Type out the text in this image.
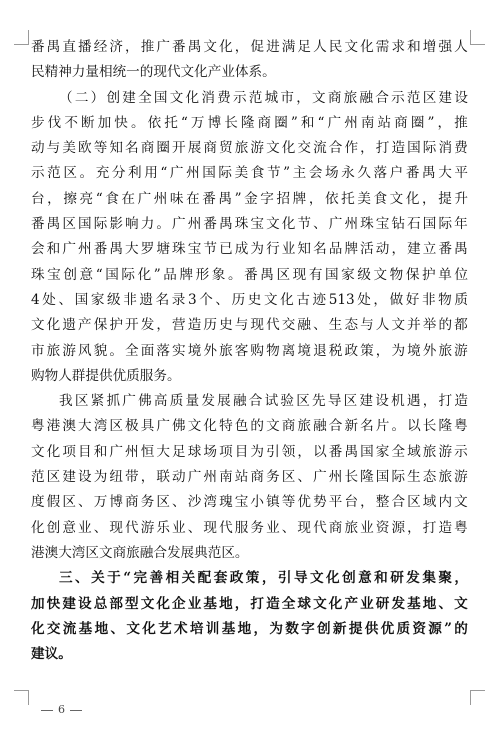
番 禺 直 播 经 济 ， 推 广 番 禺 文 化 ， 促 进 满 足 人 民 文 化 需 求 和 增 强 人
民 精 神 力 量 相 统 一 的 现 代 文 化 产 业 体 系 。
（ 二 ） 创 建 全 国 文 化 消 费 示 范 城 市 ， 文 商 旅 融 合 示 范 区 建 设
步 伐 不 断 加 快 。 依 托 “ 万 博 长 隆 商 圈 ” 和 “ 广 州 南 站 商 圈 ” ， 推
动 与 美 欧 等 知 名 商 圈 开 展 商 贸 旅 游 文 化 交 流 合 作 ， 打 造 国 际 消 费
示 范 区 。 充 分 利 用 “ 广 州 国 际 美 食 节 ” 主 会 场 永 久 落 户 番 禺 大 平
台 ， 擦 亮 “ 食 在 广 州 味 在 番 禺 ” 金 字 招 牌 ， 依 托 美 食 文 化 ， 提 升
番 禺 区 国 际 影 响 力 。 广 州 番 禺 珠 宝 文 化 节 、 广 州 珠 宝 钻 石 国 际 年
会 和 广 州 番 禺 大 罗 塘 珠 宝 节 已 成 为 行 业 知 名 品 牌 活 动 ， 建 立 番 禺
珠 宝 创 意 “ 国 际 化 ” 品 牌 形 象 。 番 禺 区 现 有 国 家 级 文 物 保 护 单 位
4 处 、 国 家 级 非 遗 名 录 3 个 、 历 史 文 化 古 迹 513 处 ， 做 好 非 物 质
文 化 遗 产 保 护 开 发 ， 营 造 历 史 与 现 代 交 融 、 生 态 与 人 文 并 举 的 都
市 旅 游 风 貌 。 全 面 落 实 境 外 旅 客 购 物 离 境 退 税 政 策 ， 为 境 外 旅 游
购 物 人 群 提 供 优 质 服 务 。
我 区 紧 抓 广 佛 高 质 量 发 展 融 合 试 验 区 先 导 区 建 设 机 遇 ， 打 造
粤 港 澳 大 湾 区 极 具 广 佛 文 化 特 色 的 文 商 旅 融 合 新 名 片 。 以 长 隆 粤
文 化 项 目 和 广 州 恒 大 足 球 场 项 目 为 引 领 ， 以 番 禺 国 家 全 域 旅 游 示
范 区 建 设 为 纽 带 ， 联 动 广 州 南 站 商 务 区 、 广 州 长 隆 国 际 生 态 旅 游
度 假 区 、 万 博 商 务 区 、 沙 湾 瑰 宝 小 镇 等 优 势 平 台 ， 整 合 区 域 内 文
化 创 意 业 、 现 代 游 乐 业 、 现 代 服 务 业 、 现 代 商 旅 业 资 源 ， 打 造 粤
港 澳 大 湾 区 文 商 旅 融 合 发 展 典 范 区 。
三 、 关 于 “ 完 善 相 关 配 套 政 策 ， 引 导 文 化 创 意 和 研 发 集 聚 ，
加 快 建 设 总 部 型 文 化 企 业 基 地 ， 打 造 全 球 文 化 产 业 研 发 基 地 、 文
化 交 流 基 地 、 文 化 艺 术 培 训 基 地 ， 为 数 字 创 新 提 供 优 质 资 源 ” 的
建 议 。
6
